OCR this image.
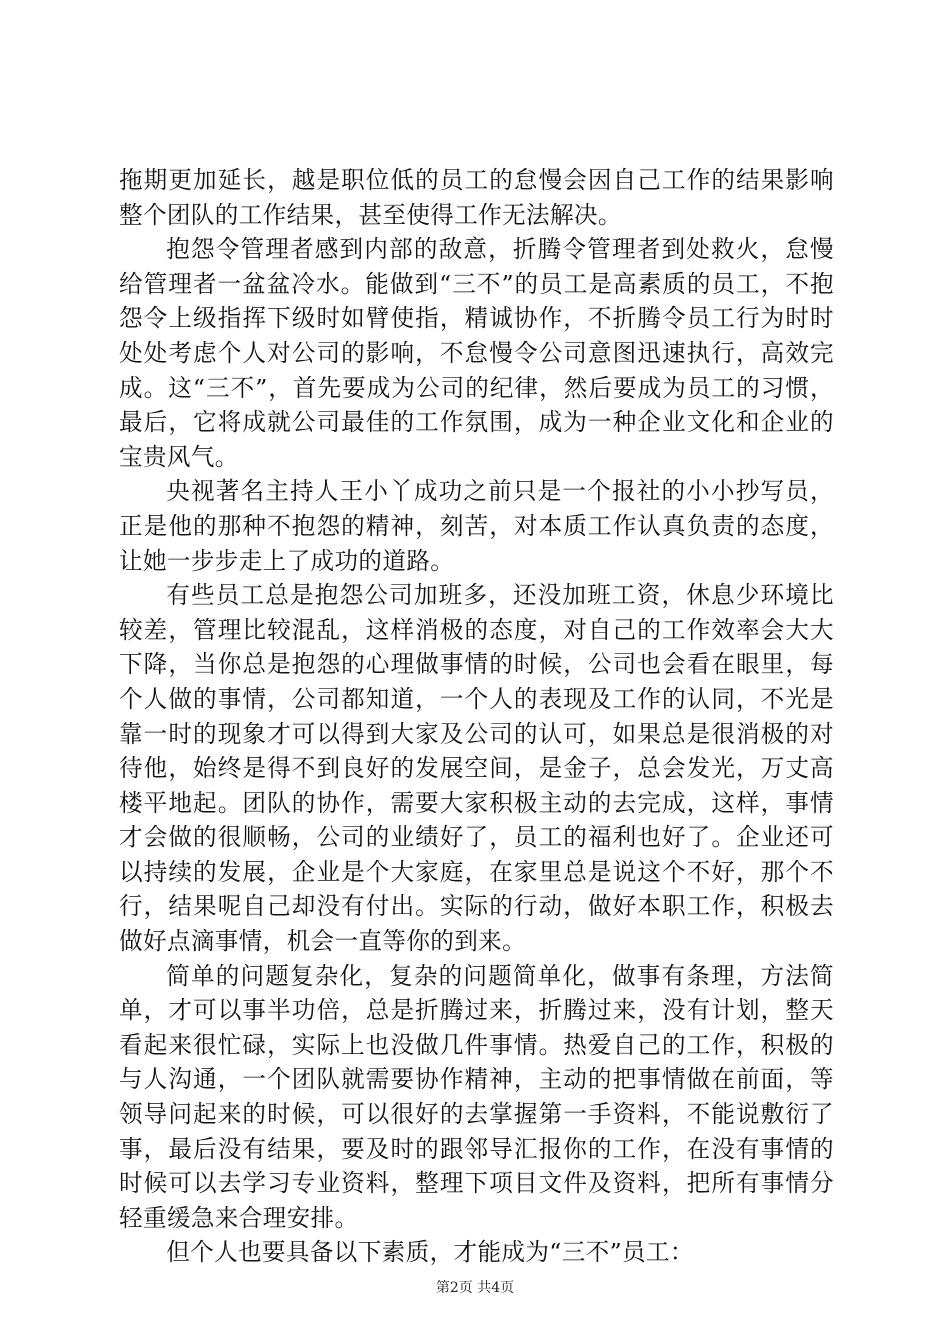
拖期更加延长，越是职位低的员工的怠慢会因自己工作的结果影响整个团队的工作结果，甚至使得工作无法解决。

抱怨令管理者感到内部的敌意，折腾令管理者到处救火，怠慢给管理者一盆盆冷水。能做到“三不”的员工是高素质的员工，不抱怨令上级指挥下级时如臂使指，精诚协作，不折腾令员工行为时时处处考虑个人对公司的影响，不怠慢令公司意图迅速执行，高效完成。这“三不”，首先要成为公司的纪律，然后要成为员工的习惯，最后，它将成就公司最佳的工作氛围，成为一种企业文化和企业的宝贵风气。

央视著名主持人王小丫成功之前只是一个报社的小小抄写员，正是他的那种不抱怨的精神，刻苦，对本质工作认真负责的态度，让她一步步走上了成功的道路。

有些员工总是抱怨公司加班多，还没加班工资，休息少环境比较差，管理比较混乱，这样消极的态度，对自己的工作效率会大大下降，当你总是抱怨的心理做事情的时候，公司也会看在眼里，每个人做的事情，公司都知道，一个人的表现及工作的认同，不光是靠一时的现象才可以得到大家及公司的认可，如果总是很消极的对待他，始终是得不到良好的发展空间，是金子，总会发光，万丈高楼平地起。团队的协作，需要大家积极主动的去完成，这样，事情才会做的很顺畅，公司的业绩好了，员工的福利也好了。企业还可以持续的发展，企业是个大家庭，在家里总是说这个不好，那个不行，结果呢自己却没有付出。实际的行动，做好本职工作，积极去做好点滴事情，机会一直等你的到来。

简单的问题复杂化，复杂的问题简单化，做事有条理，方法简单，才可以事半功倍，总是折腾过来，折腾过来，没有计划，整天看起来很忙碌，实际上也没做几件事情。热爱自己的工作，积极的与人沟通，一个团队就需要协作精神，主动的把事情做在前面，等领导问起来的时候，可以很好的去掌握第一手资料，不能说敷衍了事，最后没有结果，要及时的跟邻导汇报你的工作，在没有事情的时候可以去学习专业资料，整理下项目文件及资料，把所有事情分轻重缓急来合理安排。

但个人也要具备以下素质，才能成为“三不”员工：

第2页 共4页
